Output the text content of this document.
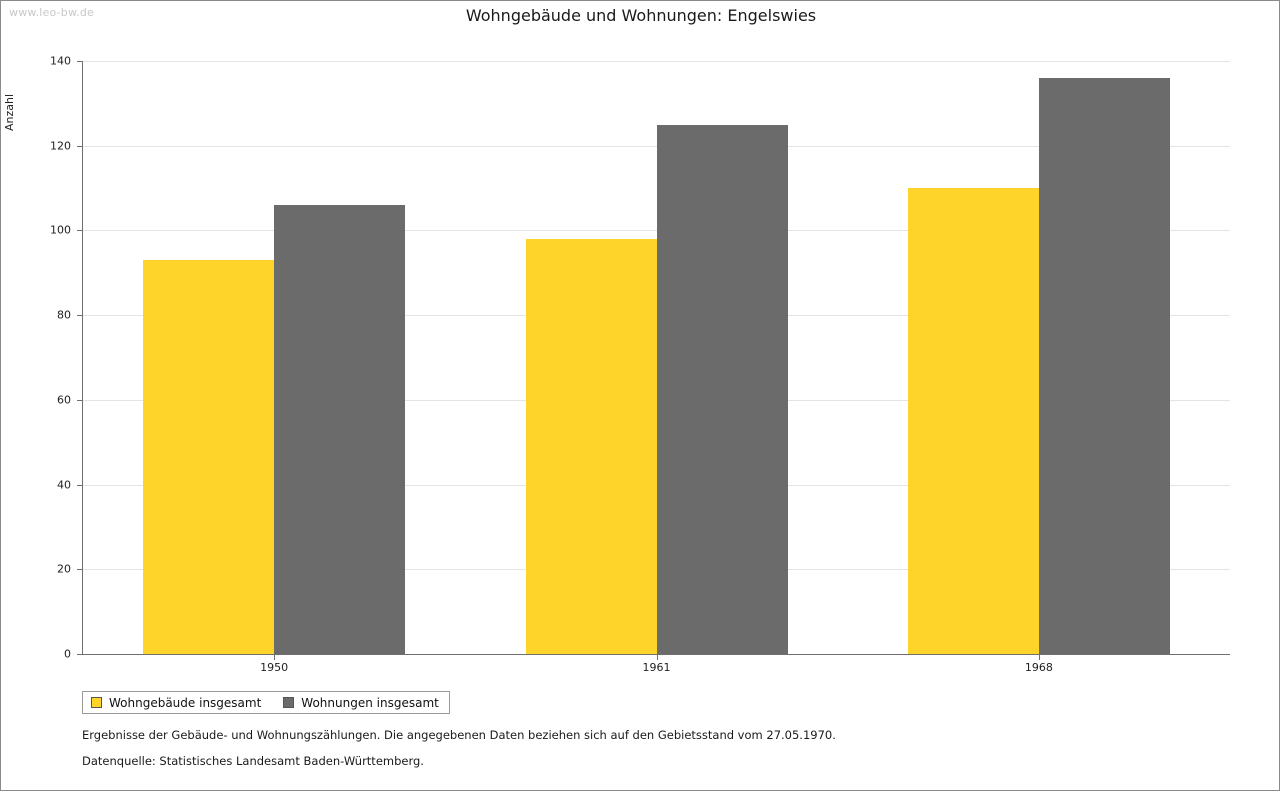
www.leo-bw.de	Wohngebäude und Wohnungen: Engelswies
Anzahl
1950	1961	1968
Wohngebäude insgesamt	Wohnungen insgesamt
Ergebnisse der Gebäude- und Wohnungszählungen. Die angegebenen Daten beziehen sich auf den Gebietsstand vom 27.05.1970.
Datenquelle: Statistisches Landesamt Baden-Württemberg.
0
20
40
60
80
100
120
140
